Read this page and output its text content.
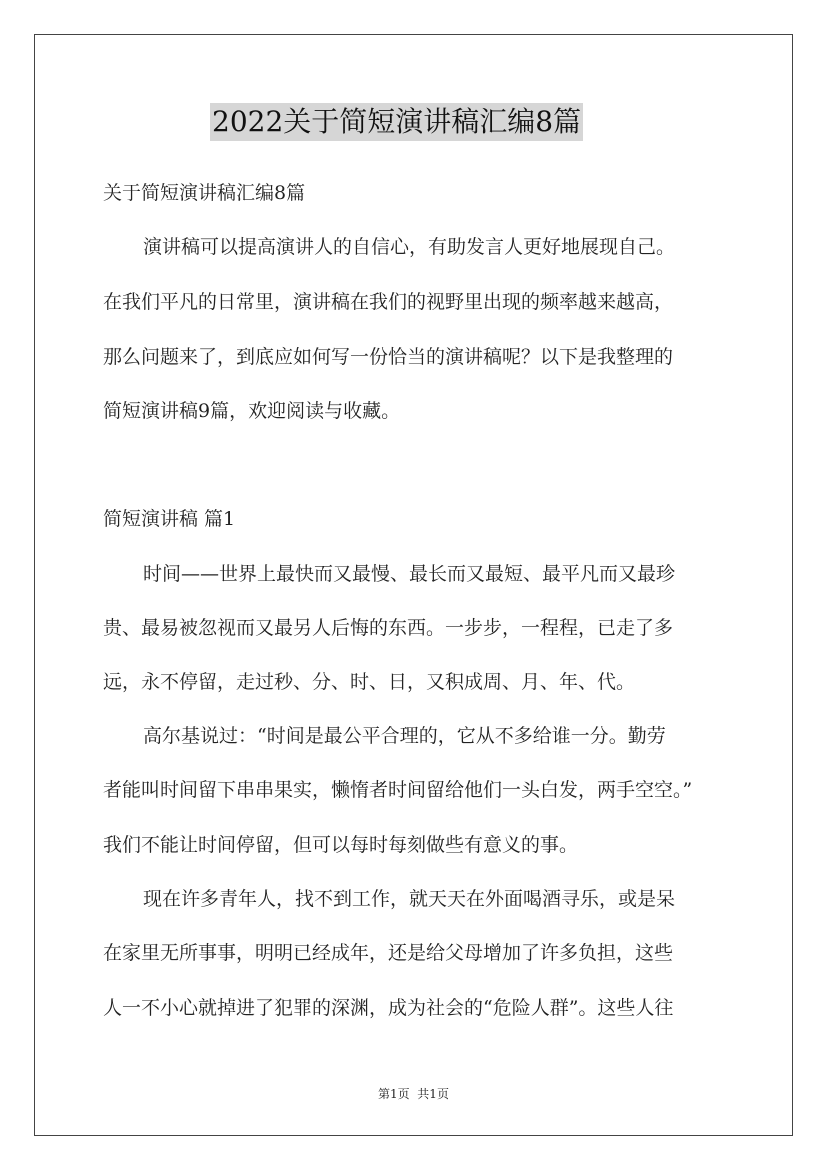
2022关于简短演讲稿汇编8篇
关于简短演讲稿汇编8篇
演讲稿可以提高演讲人的自信心，有助发言人更好地展现自己。
在我们平凡的日常里，演讲稿在我们的视野里出现的频率越来越高，
那么问题来了，到底应如何写一份恰当的演讲稿呢？以下是我整理的
简短演讲稿9篇，欢迎阅读与收藏。
简短演讲稿 篇1
时间——世界上最快而又最慢、最长而又最短、最平凡而又最珍
贵、最易被忽视而又最另人后悔的东西。一步步，一程程，已走了多
远，永不停留，走过秒、分、时、日，又积成周、月、年、代。
高尔基说过：“时间是最公平合理的，它从不多给谁一分。勤劳
者能叫时间留下串串果实，懒惰者时间留给他们一头白发，两手空空。”
我们不能让时间停留，但可以每时每刻做些有意义的事。
现在许多青年人，找不到工作，就天天在外面喝酒寻乐，或是呆
在家里无所事事，明明已经成年，还是给父母增加了许多负担，这些
人一不小心就掉进了犯罪的深渊，成为社会的“危险人群”。这些人往
第1页  共1页
